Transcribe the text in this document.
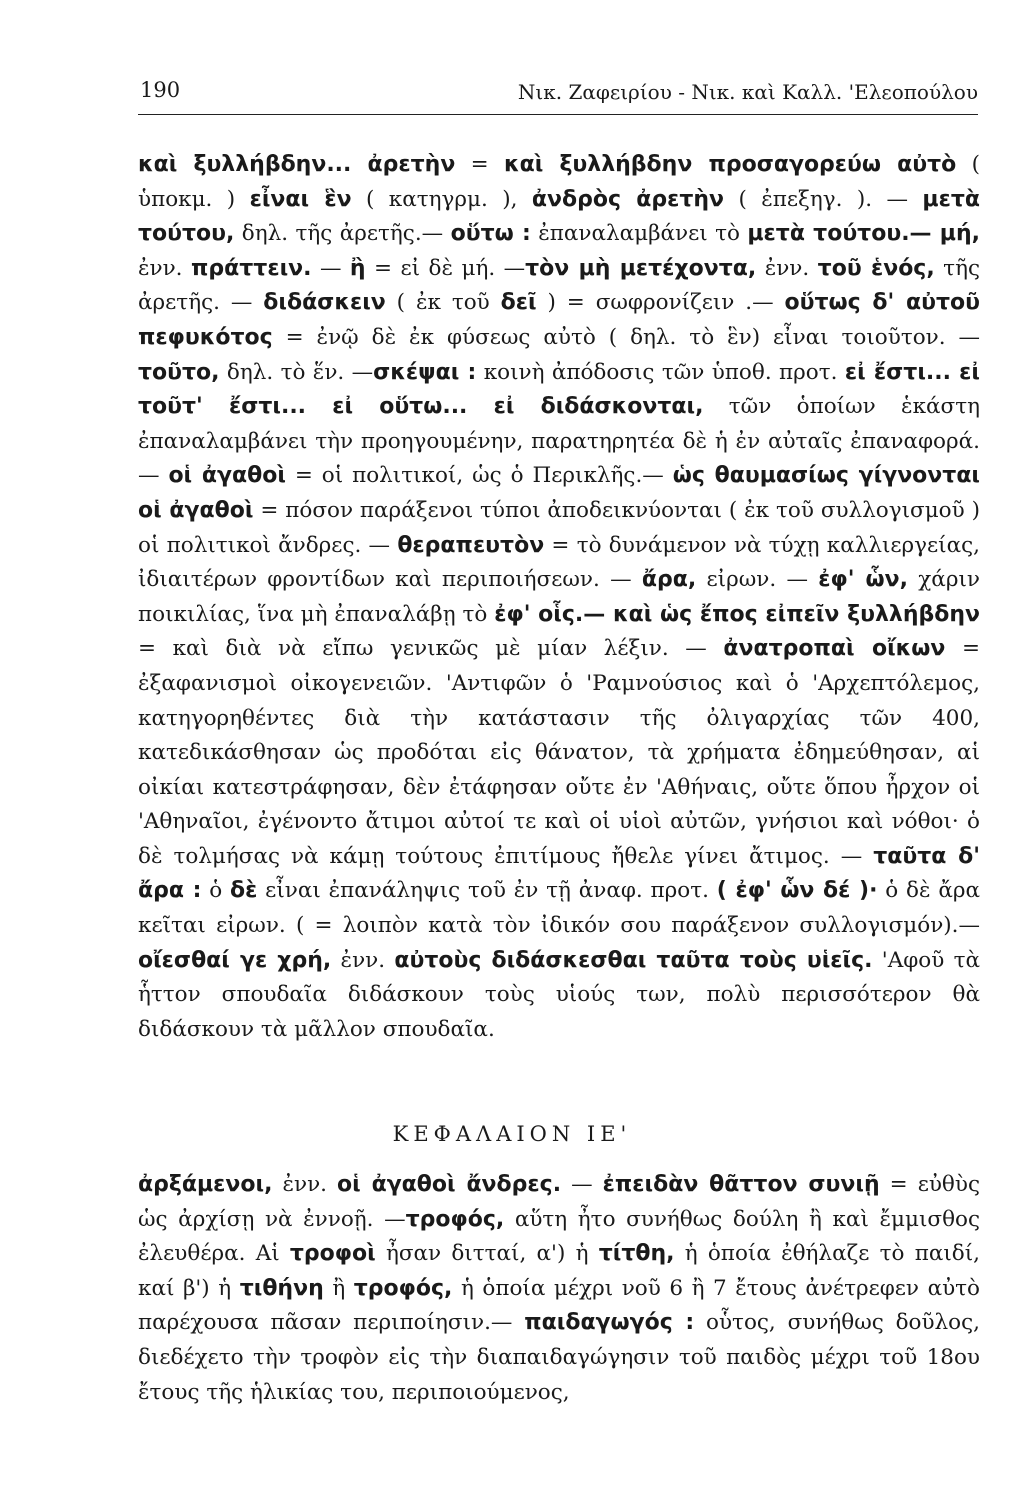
190	Νικ. Ζαφειρίου - Νικ. καὶ Καλλ. 'Ελεοπούλου

καὶ ξυλλήβδην... ἀρετὴν = καὶ ξυλλήβδην προσαγορεύω αὐτὸ ( ὑποκμ. ) εἶναι ἓν ( κατηγρμ. ), ἀνδρὸς ἀρετὴν ( ἐπεξηγ. ). — μετὰ τούτου, δηλ. τῆς ἀρετῆς.— οὕτω : ἐπαναλαμβάνει τὸ μετὰ τούτου.— μή, ἐνν. πράττειν. — ἢ = εἰ δὲ μή. —τὸν μὴ μετέχοντα, ἐνν. τοῦ ἑνός, τῆς ἀρετῆς. — διδάσκειν ( ἐκ τοῦ δεῖ ) = σωφρονίζειν .— οὕτως δ' αὐτοῦ πεφυκότος = ἐνῷ δὲ ἐκ φύσεως αὐτὸ ( δηλ. τὸ ἓν) εἶναι τοιοῦτον. — τοῦτο, δηλ. τὸ ἕν. —σκέψαι : κοινὴ ἀπόδοσις τῶν ὑποθ. προτ. εἰ ἔστι... εἰ τοῦτ' ἔστι... εἰ οὕτω... εἰ διδάσκονται, τῶν ὁποίων ἑκάστη ἐπαναλαμβάνει τὴν προηγουμένην, παρατηρητέα δὲ ἡ ἐν αὐταῖς ἐπαναφορά. — οἱ ἀγαθοὶ = οἱ πολιτικοί, ὡς ὁ Περικλῆς.— ὡς θαυμασίως γίγνονται οἱ ἀγαθοὶ = πόσον παράξενοι τύποι ἀποδεικνύονται ( ἐκ τοῦ συλλογισμοῦ ) οἱ πολιτικοὶ ἄνδρες. — θεραπευτὸν = τὸ δυνάμενον νὰ τύχῃ καλλιεργείας, ἰδιαιτέρων φροντίδων καὶ περιποιήσεων. — ἄρα, εἰρων. — ἐφ' ὧν, χάριν ποικιλίας, ἵνα μὴ ἐπαναλάβῃ τὸ ἐφ' οἷς.— καὶ ὡς ἔπος εἰπεῖν ξυλλήβδην = καὶ διὰ νὰ εἴπω γενικῶς μὲ μίαν λέξιν. — ἀνατροπαὶ οἴκων = ἐξαφανισμοὶ οἰκογενειῶν. 'Αντιφῶν ὁ 'Ραμνούσιος καὶ ὁ 'Αρχεπτόλεμος, κατηγορηθέντες διὰ τὴν κατάστασιν τῆς ὀλιγαρχίας τῶν 400, κατεδικάσθησαν ὡς προδόται εἰς θάνατον, τὰ χρήματα ἐδημεύθησαν, αἱ οἰκίαι κατεστράφησαν, δὲν ἐτάφησαν οὔτε ἐν 'Αθήναις, οὔτε ὅπου ἦρχον οἱ 'Αθηναῖοι, ἐγένοντο ἄτιμοι αὐτοί τε καὶ οἱ υἱοὶ αὐτῶν, γνήσιοι καὶ νόθοι· ὁ δὲ τολμήσας νὰ κάμῃ τούτους ἐπιτίμους ἤθελε γίνει ἄτιμος. — ταῦτα δ' ἄρα : ὁ δὲ εἶναι ἐπανάληψις τοῦ ἐν τῇ ἀναφ. προτ. ( ἐφ' ὧν δέ )· ὁ δὲ ἄρα κεῖται εἰρων. ( = λοιπὸν κατὰ τὸν ἰδικόν σου παράξενον συλλογισμόν).— οἴεσθαί γε χρή, ἐνν. αὐτοὺς διδάσκεσθαι ταῦτα τοὺς υἱεῖς. 'Αφοῦ τὰ ἧττον σπουδαῖα διδάσκουν τοὺς υἱούς των, πολὺ περισσότερον θὰ διδάσκουν τὰ μᾶλλον σπουδαῖα.

ΚΕΦΑΛΑΙΟΝ ΙΕ'

ἀρξάμενοι, ἐνν. οἱ ἀγαθοὶ ἄνδρες. — ἐπειδὰν θᾶττον συνιῇ = εὐθὺς ὡς ἀρχίσῃ νὰ ἐννοῇ. —τροφός, αὕτη ἦτο συνήθως δούλη ἢ καὶ ἔμμισθος ἐλευθέρα. Αἱ τροφοὶ ἦσαν διτταί, α') ἡ τίτθη, ἡ ὁποία ἐθήλαζε τὸ παιδί, καί β') ἡ τιθήνη ἢ τροφός, ἡ ὁποία μέχρι νοῦ 6 ἢ 7 ἔτους ἀνέτρεφεν αὐτὸ παρέχουσα πᾶσαν περιποίησιν.— παιδαγωγός : οὗτος, συνήθως δοῦλος, διεδέχετο τὴν τροφὸν εἰς τὴν διαπαιδαγώγησιν τοῦ παιδὸς μέχρι τοῦ 18ου ἔτους τῆς ἡλικίας του, περιποιούμενος,
